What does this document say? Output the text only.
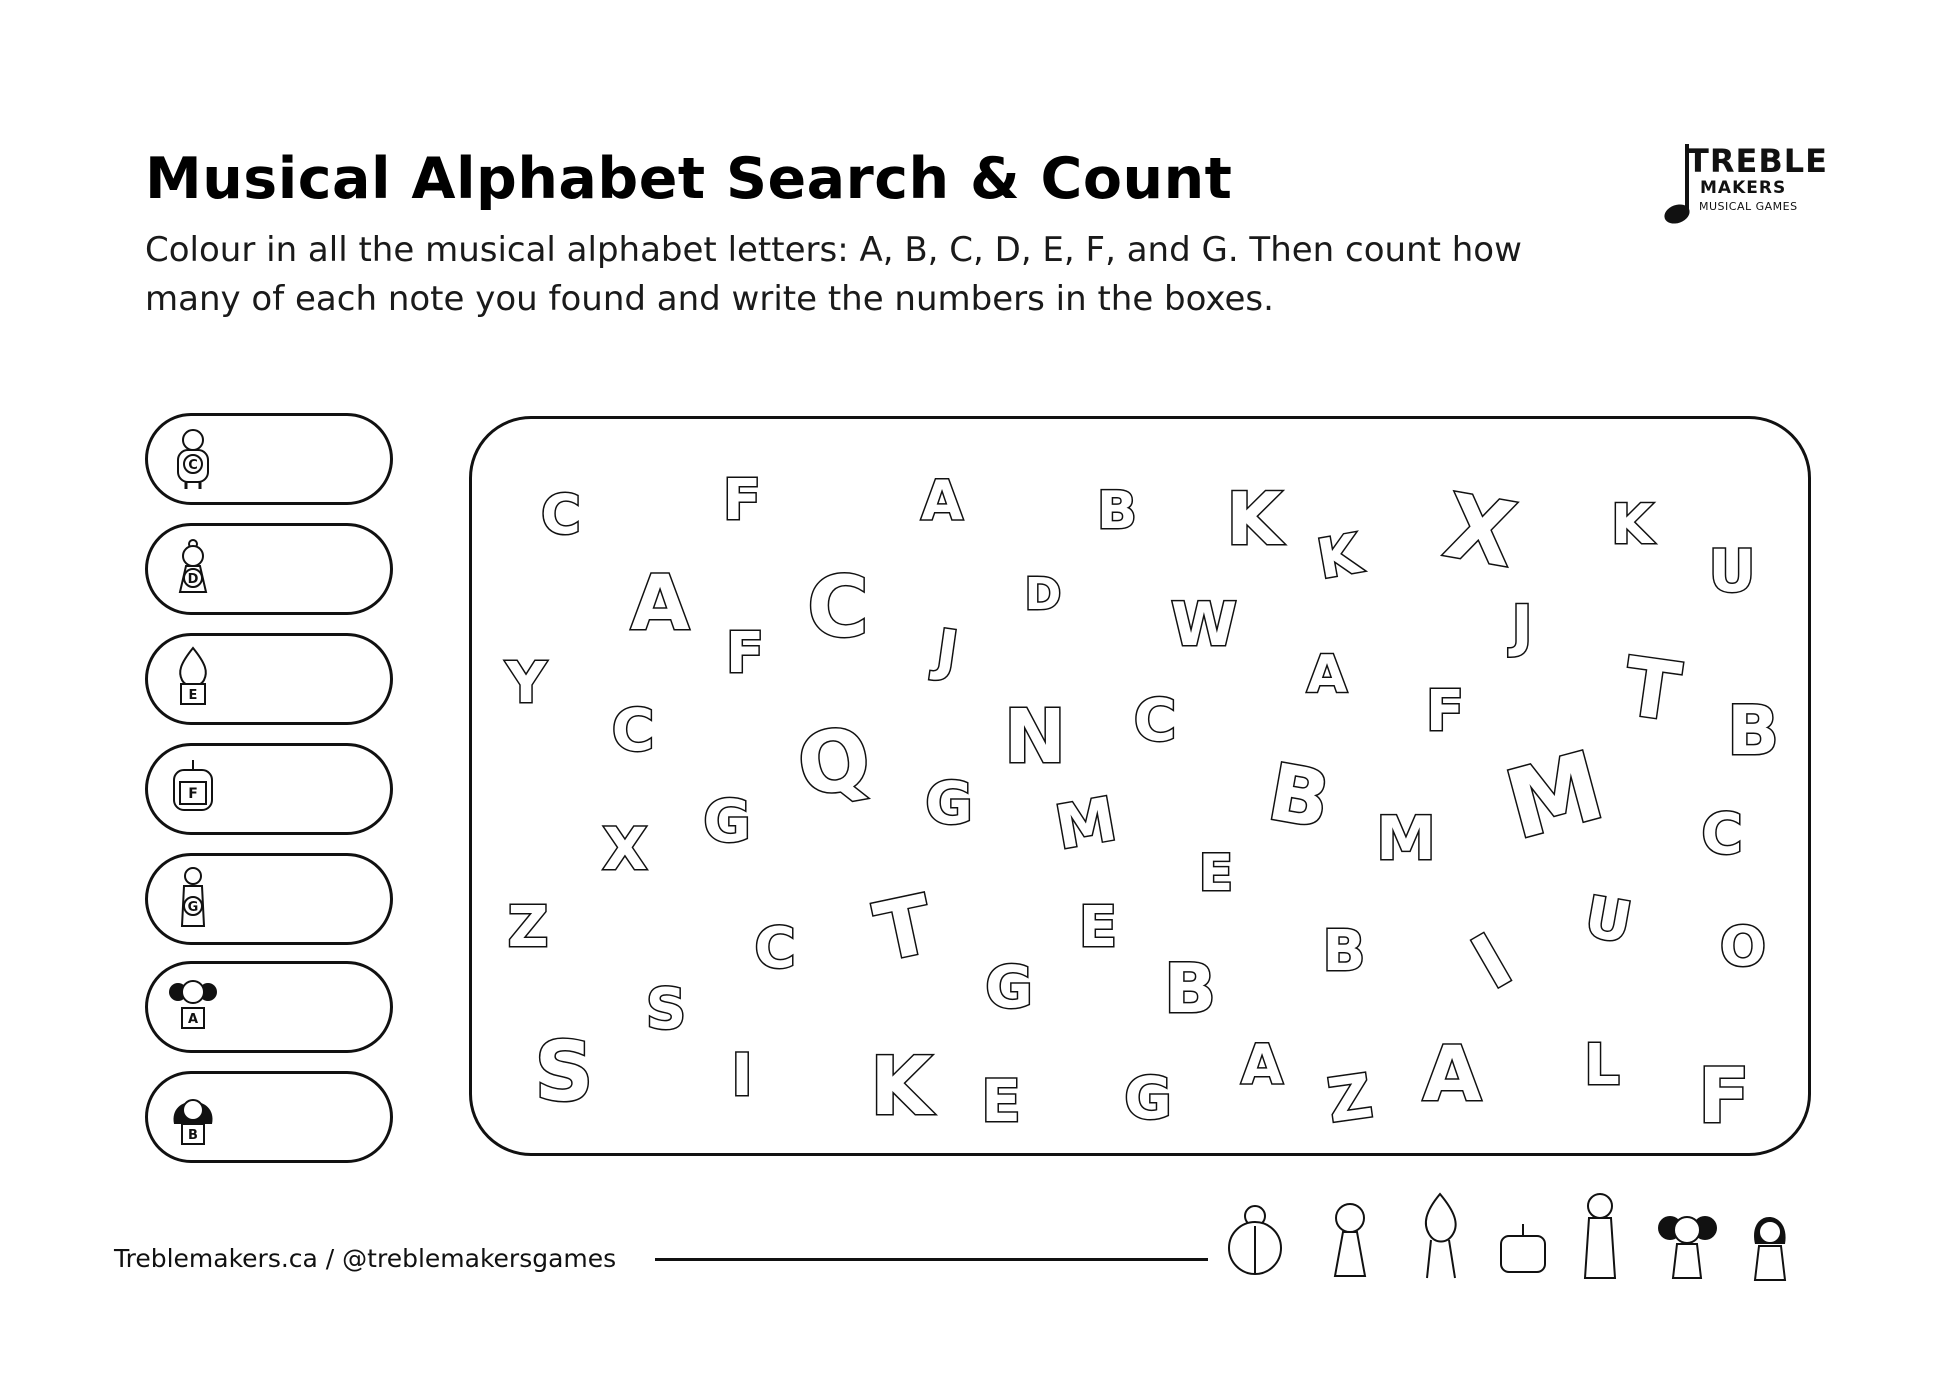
Musical Alphabet Search & Count
Colour in all the musical alphabet letters: A, B, C, D, E, F, and G. Then count how many of each note you found and write the numbers in the boxes.
TREBLE
MAKERS
MUSICAL GAMES
C
D
E
F
G
A
B
C	F	A	B K K X K
U
A C	D W	J
Y	F	J	A	T
F	B
C Q N C
G	G M B M M C
X	E
Z	T E
B
U O
C	I
G
B
S
S I K E G A Z A L F
Treblemakers.ca / @treblemakersgames
